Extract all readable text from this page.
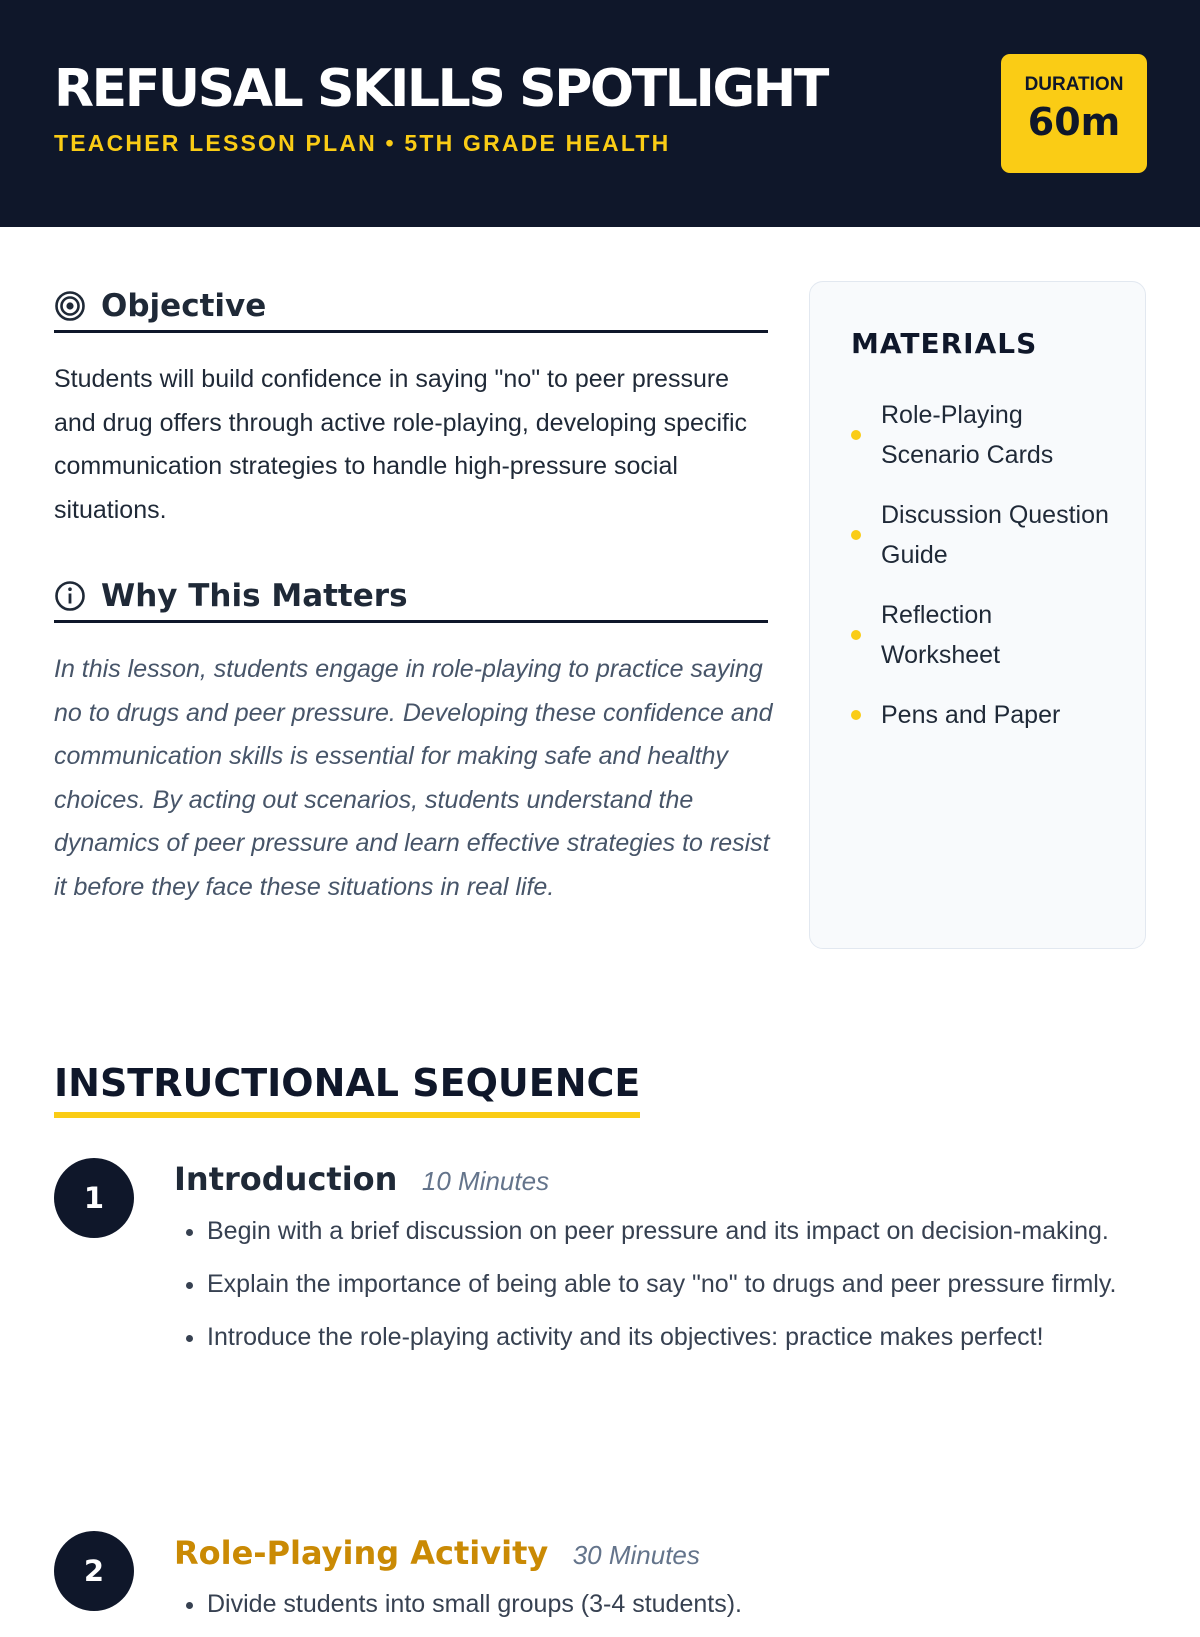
REFUSAL SKILLS SPOTLIGHT
TEACHER LESSON PLAN • 5TH GRADE HEALTH
DURATION
60m
Objective

Students will build confidence in saying "no" to peer pressure and drug offers through active role-playing, developing specific communication strategies to handle high-pressure social situations.

Why This Matters

In this lesson, students engage in role-playing to practice saying no to drugs and peer pressure. Developing these confidence and communication skills is essential for making safe and healthy choices. By acting out scenarios, students understand the dynamics of peer pressure and learn effective strategies to resist it before they face these situations in real life.

MATERIALS
Role-Playing Scenario Cards
Discussion Question Guide
Reflection Worksheet
Pens and Paper
INSTRUCTIONAL SEQUENCE
1	Introduction 10 Minutes
• Begin with a brief discussion on peer pressure and its impact on decision-making.
• Explain the importance of being able to say "no" to drugs and peer pressure firmly.
• Introduce the role-playing activity and its objectives: practice makes perfect!
2	Role-Playing Activity 30 Minutes
• Divide students into small groups (3-4 students).
